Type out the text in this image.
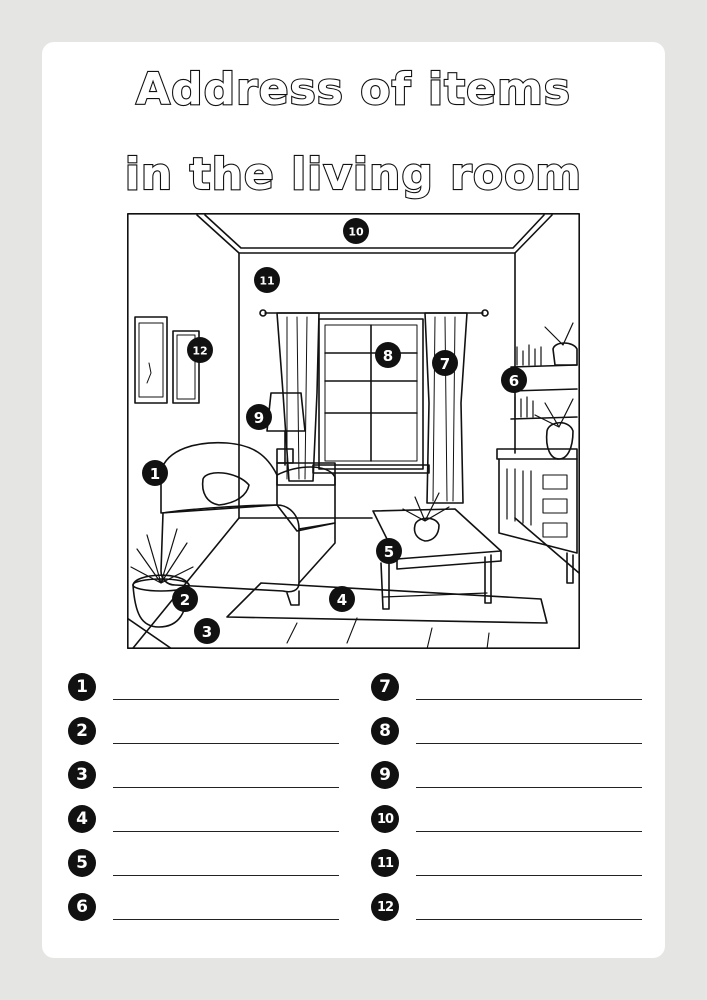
Address of items
in the living room
1
2
3
4
5
6
7
8
9
10
11
12
1
2
3
4
5
6
7
8
9
10
11
12
